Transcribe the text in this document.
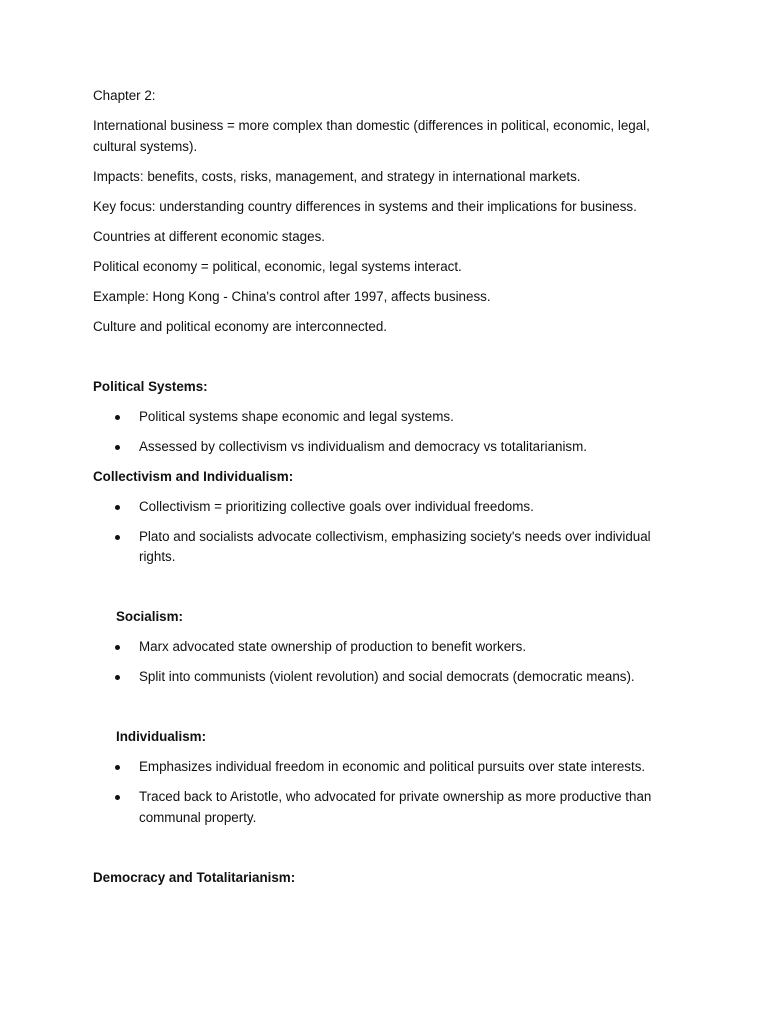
Chapter 2:

International business = more complex than domestic (differences in political, economic, legal, cultural systems).

Impacts: benefits, costs, risks, management, and strategy in international markets.

Key focus: understanding country differences in systems and their implications for business.

Countries at different economic stages.

Political economy = political, economic, legal systems interact.

Example: Hong Kong - China's control after 1997, affects business.

Culture and political economy are interconnected.

Political Systems:

Political systems shape economic and legal systems.
Assessed by collectivism vs individualism and democracy vs totalitarianism.

Collectivism and Individualism:

Collectivism = prioritizing collective goals over individual freedoms.
Plato and socialists advocate collectivism, emphasizing society's needs over individual rights.

Socialism:

Marx advocated state ownership of production to benefit workers.
Split into communists (violent revolution) and social democrats (democratic means).

Individualism:

Emphasizes individual freedom in economic and political pursuits over state interests.
Traced back to Aristotle, who advocated for private ownership as more productive than communal property.

Democracy and Totalitarianism:
